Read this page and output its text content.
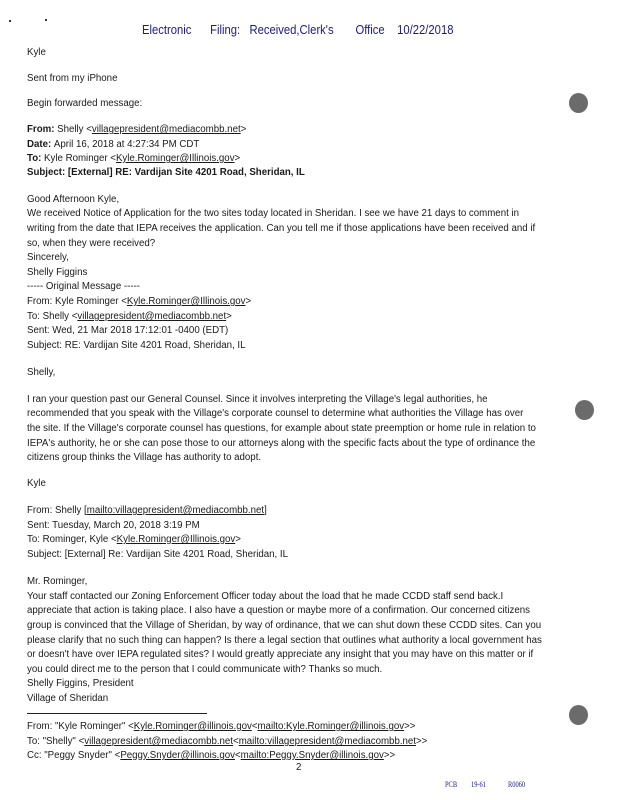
Electronic      Filing:   Received,Clerk's       Office    10/22/2018
Kyle
Sent from my iPhone
Begin forwarded message:
From: Shelly <villagepresident@mediacombb.net>
Date: April 16, 2018 at 4:27:34 PM CDT
To: Kyle Rominger <Kyle.Rominger@Illinois.gov>
Subject: [External] RE: Vardijan Site 4201 Road, Sheridan, IL
Good Afternoon Kyle,
We received Notice of Application for the two sites today located in Sheridan. I see we have 21 days to comment in
writing from the date that IEPA receives the application. Can you tell me if those applications have been received and if
so, when they were received?
Sincerely,
Shelly Figgins
----- Original Message -----
From: Kyle Rominger <Kyle.Rominger@Illinois.gov>
To: Shelly <villagepresident@mediacombb.net>
Sent: Wed, 21 Mar 2018 17:12:01 -0400 (EDT)
Subject: RE: Vardijan Site 4201 Road, Sheridan, IL
Shelly,
I ran your question past our General Counsel. Since it involves interpreting the Village's legal authorities, he
recommended that you speak with the Village's corporate counsel to determine what authorities the Village has over
the site. If the Village's corporate counsel has questions, for example about state preemption or home rule in relation to
IEPA's authority, he or she can pose those to our attorneys along with the specific facts about the type of ordinance the
citizens group thinks the Village has authority to adopt.
Kyle
From: Shelly [mailto:villagepresident@mediacombb.net]
Sent: Tuesday, March 20, 2018 3:19 PM
To: Rominger, Kyle <Kyle.Rominger@Illinois.gov>
Subject: [External] Re: Vardijan Site 4201 Road, Sheridan, IL
Mr. Rominger,
Your staff contacted our Zoning Enforcement Officer today about the load that he made CCDD staff send back.I
appreciate that action is taking place. I also have a question or maybe more of a confirmation. Our concerned citizens
group is convinced that the Village of Sheridan, by way of ordinance, that we can shut down these CCDD sites. Can you
please clarify that no such thing can happen? Is there a legal section that outlines what authority a local government has
or doesn't have over IEPA regulated sites? I would greatly appreciate any insight that you may have on this matter or if
you could direct me to the person that I could communicate with? Thanks so much.
Shelly Figgins, President
Village of Sheridan
From: "Kyle Rominger" <Kyle.Rominger@illinois.gov<mailto:Kyle.Rominger@illinois.gov>>
To: "Shelly" <villagepresident@mediacombb.net<mailto:villagepresident@mediacombb.net>>
Cc: "Peggy Snyder" <Peggy.Snyder@illinois.gov<mailto:Peggy.Snyder@illinois.gov>>
2
PCB 19-61	R0060
